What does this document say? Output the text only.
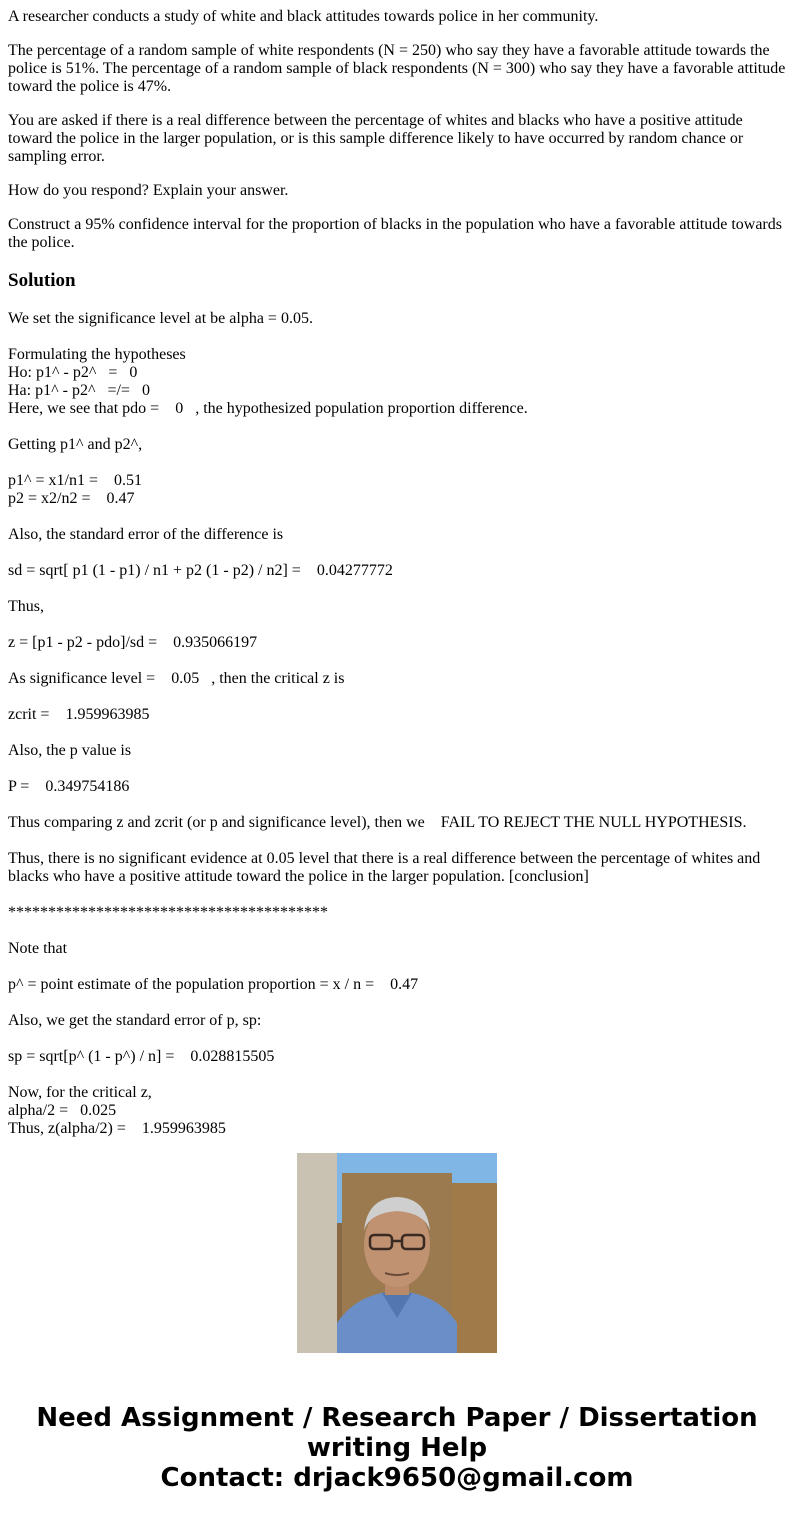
A researcher conducts a study of white and black attitudes towards police in her community.

The percentage of a random sample of white respondents (N = 250) who say they have a favorable attitude towards the police is 51%. The percentage of a random sample of black respondents (N = 300) who say they have a favorable attitude toward the police is 47%.

You are asked if there is a real difference between the percentage of whites and blacks who have a positive attitude toward the police in the larger population, or is this sample difference likely to have occurred by random chance or sampling error.

How do you respond? Explain your answer.

Construct a 95% confidence interval for the proportion of blacks in the population who have a favorable attitude towards the police.

Solution
We set the significance level at be alpha = 0.05.
Formulating the hypotheses
Ho: p1^ - p2^   =   0
Ha: p1^ - p2^   =/=   0
Here, we see that pdo =    0   , the hypothesized population proportion difference.
Getting p1^ and p2^,
p1^ = x1/n1 =    0.51
p2 = x2/n2 =    0.47
Also, the standard error of the difference is
sd = sqrt[ p1 (1 - p1) / n1 + p2 (1 - p2) / n2] =    0.04277772
Thus,
z = [p1 - p2 - pdo]/sd =    0.935066197
As significance level =    0.05   , then the critical z is
zcrit =    1.959963985
Also, the p value is
P =    0.349754186
Thus comparing z and zcrit (or p and significance level), then we    FAIL TO REJECT THE NULL HYPOTHESIS.
Thus, there is no significant evidence at 0.05 level that there is a real difference between the percentage of whites and blacks who have a positive attitude toward the police in the larger population. [conclusion]
****************************************
Note that
p^ = point estimate of the population proportion = x / n =    0.47
Also, we get the standard error of p, sp:
sp = sqrt[p^ (1 - p^) / n] =    0.028815505
Now, for the critical z,
alpha/2 =   0.025
Thus, z(alpha/2) =    1.959963985
Need Assignment / Research Paper / Dissertation
writing Help
Contact: drjack9650@gmail.com
